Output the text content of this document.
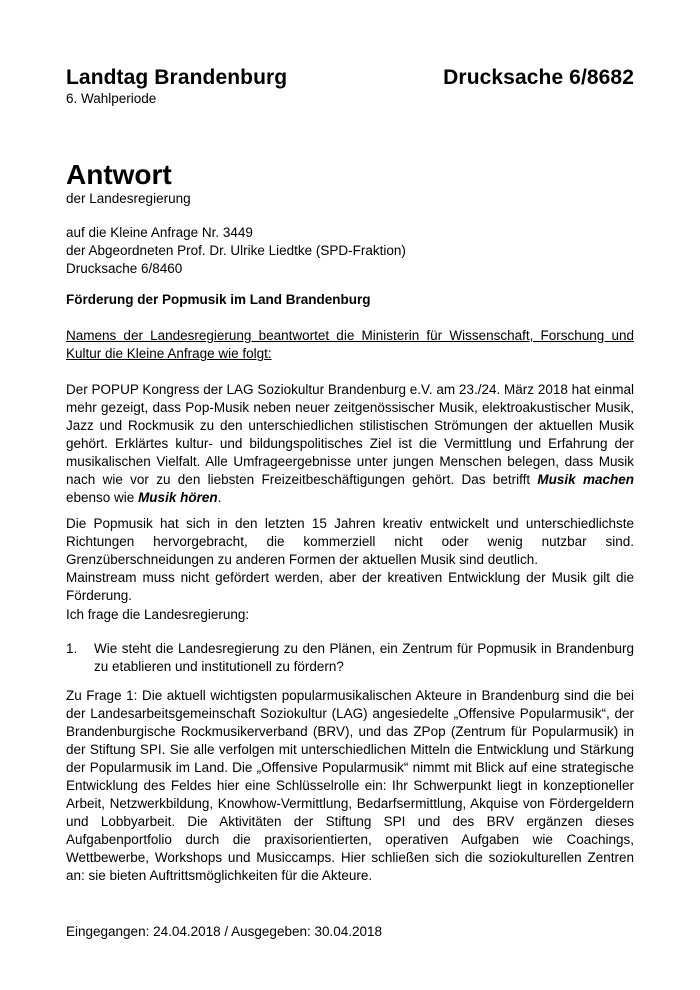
Landtag Brandenburg	Drucksache 6/8682
6. Wahlperiode
Antwort
der Landesregierung
auf die Kleine Anfrage Nr. 3449
der Abgeordneten Prof. Dr. Ulrike Liedtke (SPD-Fraktion)
Drucksache 6/8460
Förderung der Popmusik im Land Brandenburg
Namens der Landesregierung beantwortet die Ministerin für Wissenschaft, Forschung und Kultur die Kleine Anfrage wie folgt:

Der POPUP Kongress der LAG Soziokultur Brandenburg e.V. am 23./24. März 2018 hat einmal mehr gezeigt, dass Pop-Musik neben neuer zeitgenössischer Musik, elektroakustischer Musik, Jazz und Rockmusik zu den unterschiedlichen stilistischen Strömungen der aktuellen Musik gehört. Erklärtes kultur- und bildungspolitisches Ziel ist die Vermittlung und Erfahrung der musikalischen Vielfalt. Alle Umfrageergebnisse unter jungen Menschen belegen, dass Musik nach wie vor zu den liebsten Freizeitbeschäftigungen gehört. Das betrifft Musik machen ebenso wie Musik hören.

Die Popmusik hat sich in den letzten 15 Jahren kreativ entwickelt und unterschiedlichste Richtungen hervorgebracht, die kommerziell nicht oder wenig nutzbar sind. Grenzüberschneidungen zu anderen Formen der aktuellen Musik sind deutlich.
Mainstream muss nicht gefördert werden, aber der kreativen Entwicklung der Musik gilt die Förderung.

Ich frage die Landesregierung:

1.	Wie steht die Landesregierung zu den Plänen, ein Zentrum für Popmusik in Brandenburg zu etablieren und institutionell zu fördern?

Zu Frage 1: Die aktuell wichtigsten popularmusikalischen Akteure in Brandenburg sind die bei der Landesarbeitsgemeinschaft Soziokultur (LAG) angesiedelte „Offensive Popularmusik“, der Brandenburgische Rockmusikerverband (BRV), und das ZPop (Zentrum für Popularmusik) in der Stiftung SPI. Sie alle verfolgen mit unterschiedlichen Mitteln die Entwicklung und Stärkung der Popularmusik im Land. Die „Offensive Popularmusik“ nimmt mit Blick auf eine strategische Entwicklung des Feldes hier eine Schlüsselrolle ein: Ihr Schwerpunkt liegt in konzeptioneller Arbeit, Netzwerkbildung, Knowhow-Vermittlung, Bedarfsermittlung, Akquise von Fördergeldern und Lobbyarbeit. Die Aktivitäten der Stiftung SPI und des BRV ergänzen dieses Aufgabenportfolio durch die praxisorientierten, operativen Aufgaben wie Coachings, Wettbewerbe, Workshops und Musiccamps. Hier schließen sich die soziokulturellen Zentren an: sie bieten Auftrittsmöglichkeiten für die Akteure.

Eingegangen: 24.04.2018 / Ausgegeben: 30.04.2018
